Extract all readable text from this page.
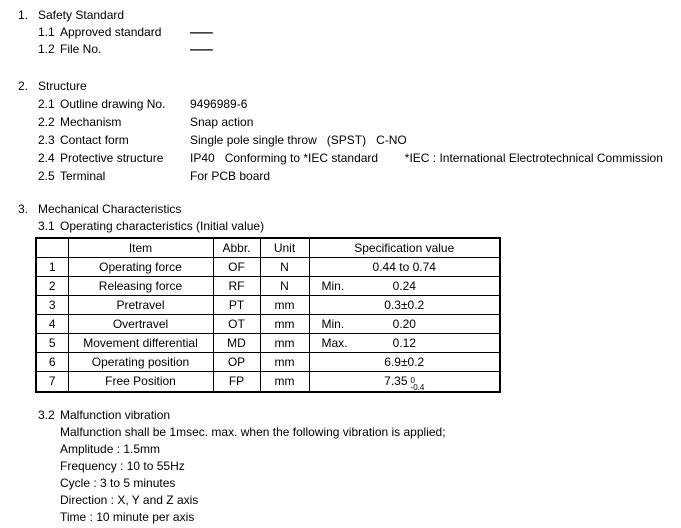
1. Safety Standard
1.1 Approved standard	—
1.2 File No.	—
2. Structure
2.1 Outline drawing No.	9496989-6
2.2 Mechanism	Snap action
2.3 Contact form	Single pole single throw   (SPST)   C-NO
2.4 Protective structure	IP40   Conforming to *IEC standard        *IEC : International Electrotechnical Commission
2.5 Terminal	For PCB board
3. Mechanical Characteristics
3.1 Operating characteristics (Initial value)
	Item	Abbr.	Unit	Specification value
1	Operating force	OF	N	0.44 to 0.74
2	Releasing force	RF	N	Min. 0.24
3	Pretravel	PT	mm	0.3±0.2
4	Overtravel	OT	mm	Min. 0.20
5	Movement differential	MD	mm	Max. 0.12
6	Operating position	OP	mm	6.9±0.2
7	Free Position	FP	mm	7.35 0
-0.4
3.2 Malfunction vibration
Malfunction shall be 1msec. max. when the following vibration is applied;
Amplitude : 1.5mm
Frequency : 10 to 55Hz
Cycle : 3 to 5 minutes
Direction : X, Y and Z axis
Time : 10 minute per axis
